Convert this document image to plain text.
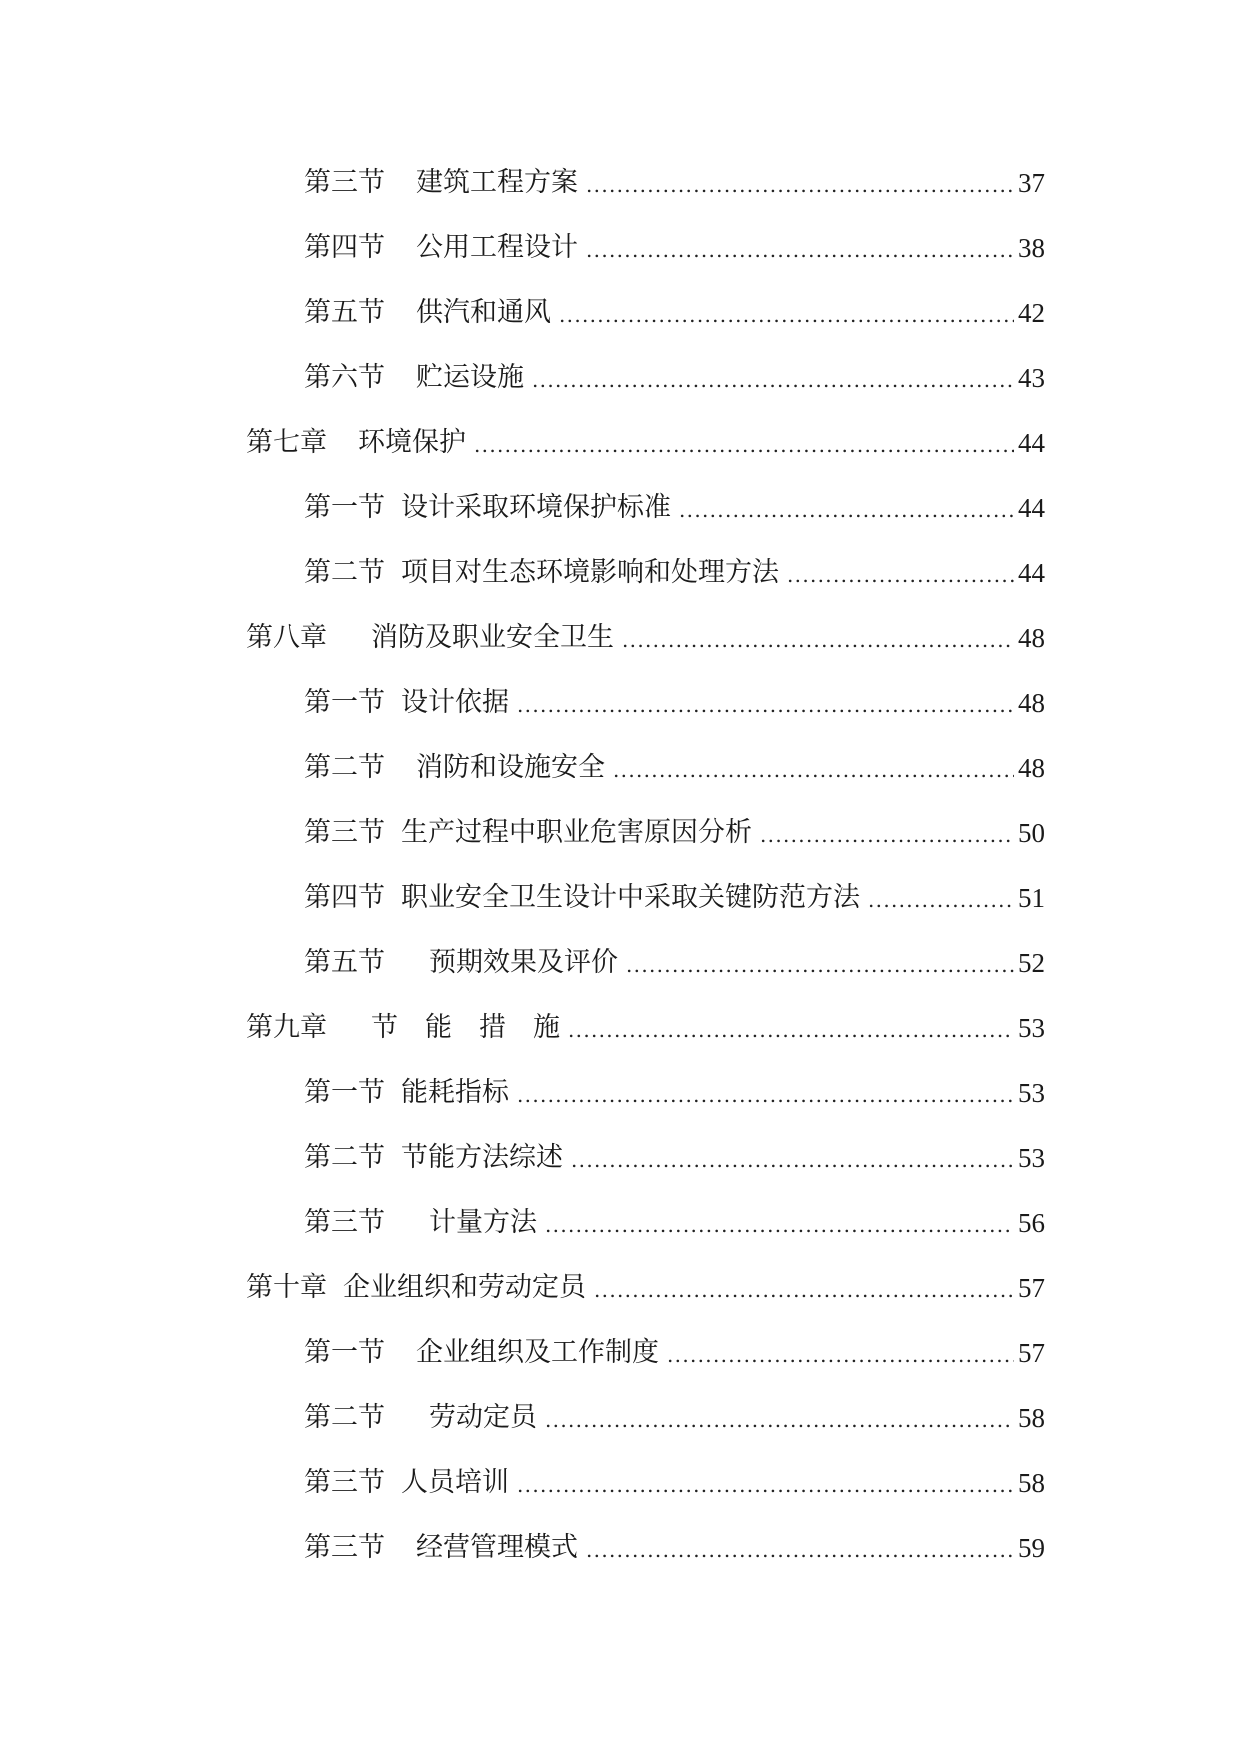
第三节 建筑工程方案 .....	37
第四节 公用工程设计 .....	38
第五节 供汽和通风 .....	42
第六节 贮运设施 .....	43
第七章 环境保护 .....	44
第一节 设计采取环境保护标准 .....	44
第二节 项目对生态环境影响和处理方法 .....	44
第八章 消防及职业安全卫生 .....	48
第一节 设计依据 .....	48
第二节 消防和设施安全 .....	48
第三节 生产过程中职业危害原因分析 .....	50
第四节 职业安全卫生设计中采取关键防范方法 .....	51
第五节 预期效果及评价 .....	52
第九章 节　能　措　施 .....	53
第一节 能耗指标 .....	53
第二节 节能方法综述 .....	53
第三节 计量方法 .....	56
第十章 企业组织和劳动定员 .....	57
第一节 企业组织及工作制度 .....	57
第二节 劳动定员 .....	58
第三节 人员培训 .....	58
第三节 经营管理模式 .....	59
